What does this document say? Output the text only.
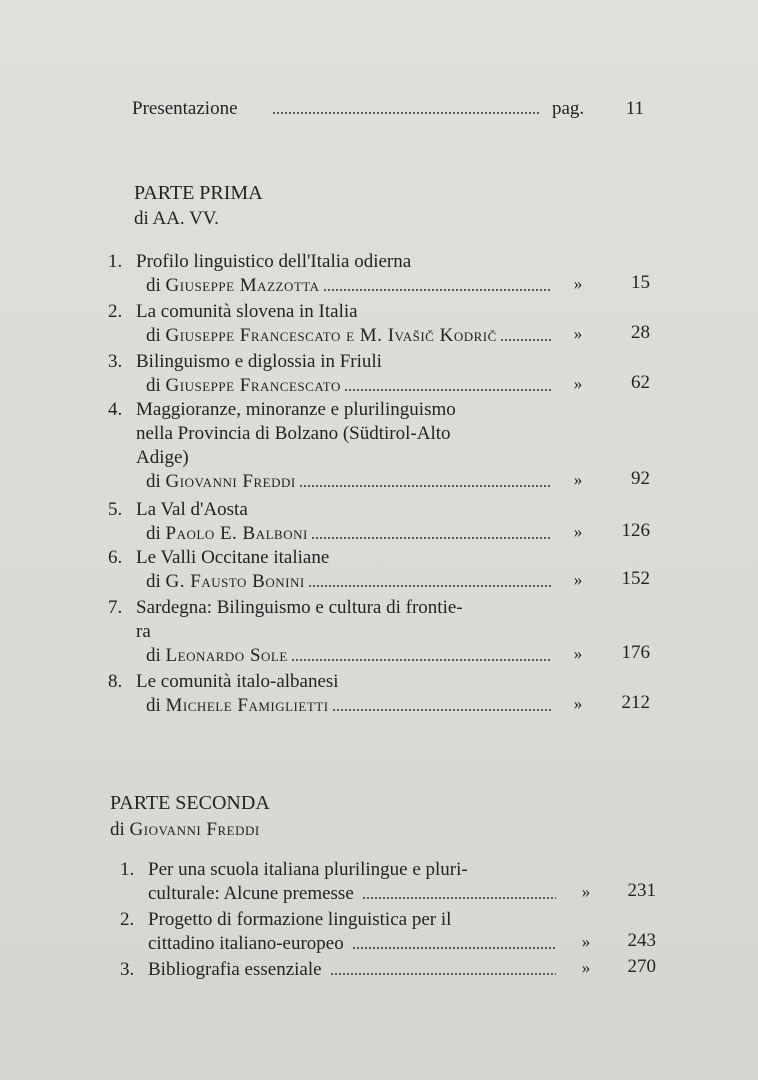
Presentazione	pag.	11
PARTE PRIMA
di AA. VV.
1. Profilo linguistico dell'Italia odierna
di Giuseppe Mazzotta	»	15
2. La comunità slovena in Italia
di Giuseppe Francescato e M. Ivašič Kodrič	»	28
3. Bilinguismo e diglossia in Friuli
di Giuseppe Francescato	»	62
4. Maggioranze, minoranze e plurilinguismo
nella Provincia di Bolzano (Südtirol-Alto
Adige)
di Giovanni Freddi	»	92
5. La Val d'Aosta
di Paolo E. Balboni	»	126
6. Le Valli Occitane italiane
di G. Fausto Bonini	»	152
7. Sardegna: Bilinguismo e cultura di frontie-
ra
di Leonardo Sole	»	176
8. Le comunità italo-albanesi
di Michele Famiglietti	»	212
PARTE SECONDA
di Giovanni Freddi
1. Per una scuola italiana plurilingue e pluri-
culturale: Alcune premesse	»	231
2. Progetto di formazione linguistica per il
cittadino italiano-europeo	»	243
3. Bibliografia essenziale	»	270
